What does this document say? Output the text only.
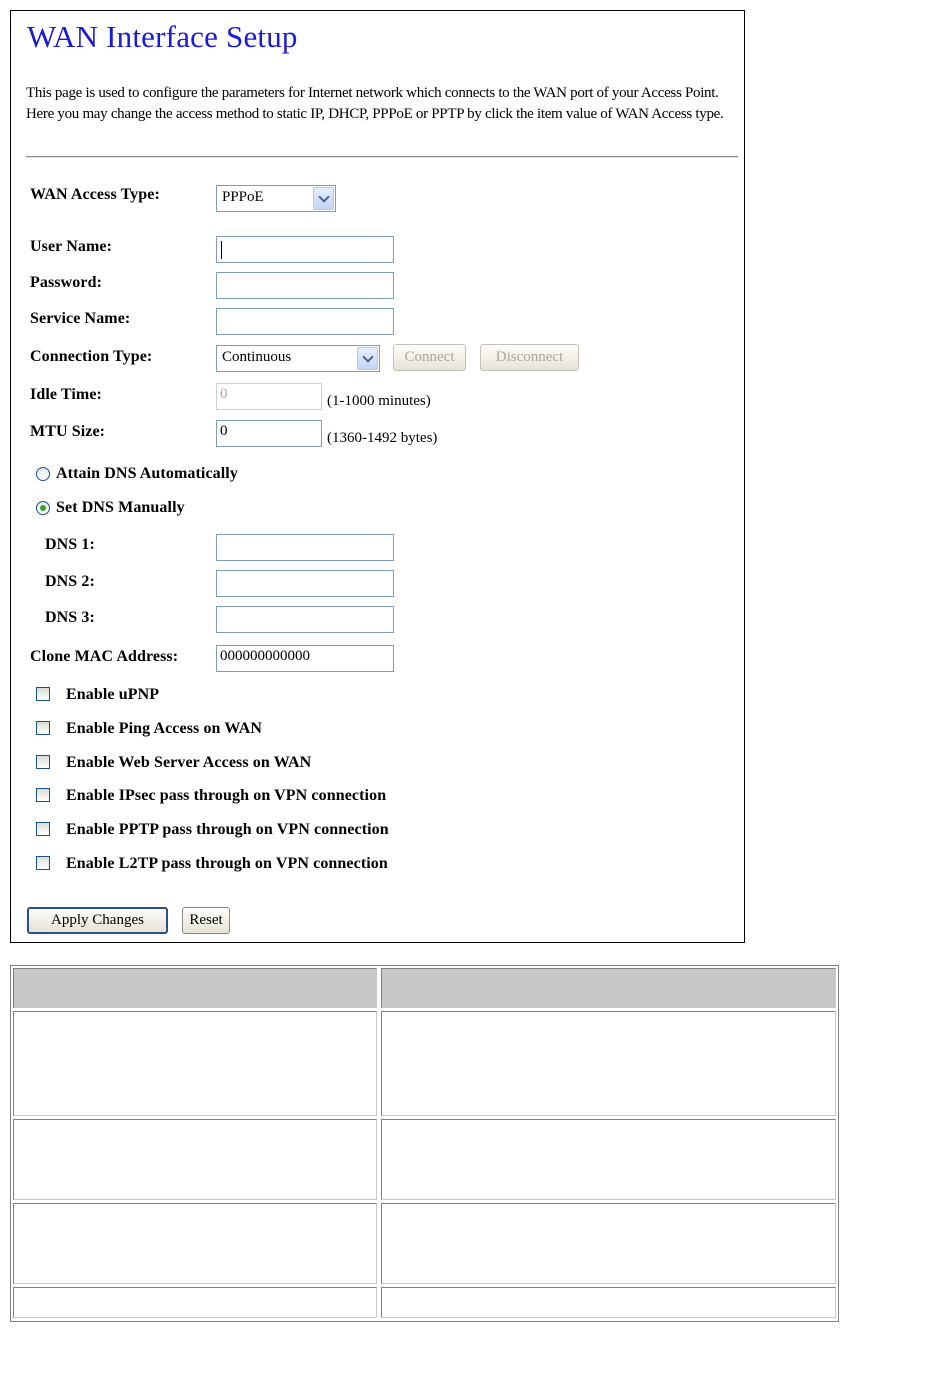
WAN Interface Setup

This page is used to configure the parameters for Internet network which connects to the WAN port of your Access Point. Here you may change the access method to static IP, DHCP, PPPoE or PPTP by click the item value of WAN Access type.

WAN Access Type:	PPPoE
User Name:
Password:
Service Name:
Connection Type:	Continuous	Connect	Disconnect
Idle Time:	0	(1-1000 minutes)
MTU Size:	0	(1360-1492 bytes)
Attain DNS Automatically
Set DNS Manually
DNS 1:
DNS 2:
DNS 3:
Clone MAC Address:	000000000000
Enable uPNP
Enable Ping Access on WAN
Enable Web Server Access on WAN
Enable IPsec pass through on VPN connection
Enable PPTP pass through on VPN connection
Enable L2TP pass through on VPN connection
Apply Changes	Reset
